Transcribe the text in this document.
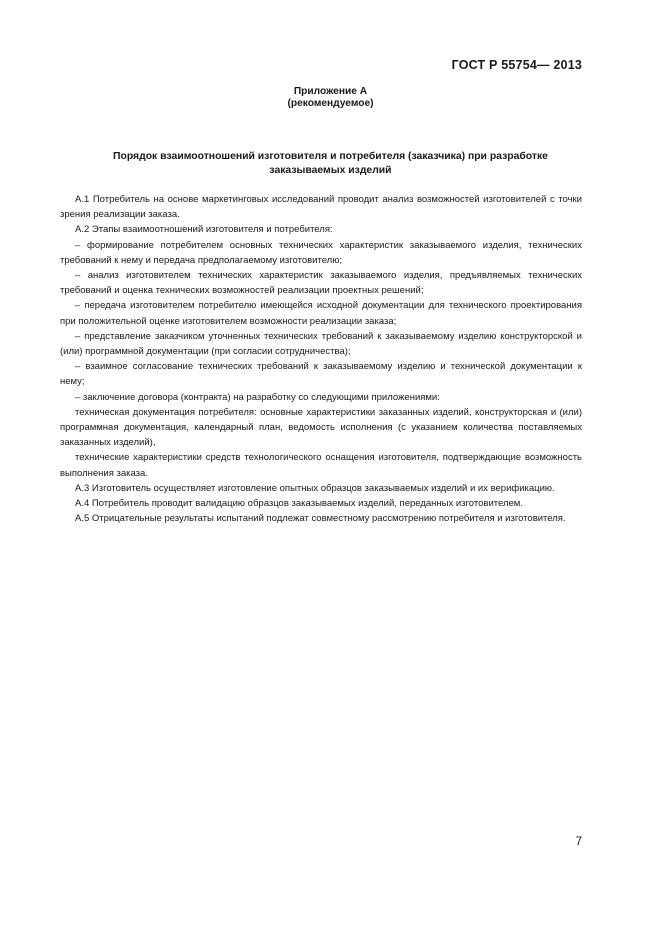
ГОСТ Р 55754— 2013
Приложение А
(рекомендуемое)
Порядок взаимоотношений изготовителя и потребителя (заказчика) при разработке
заказываемых изделий

А.1 Потребитель на основе маркетинговых исследований проводит анализ возможностей изготовителей с точки зрения реализации заказа.

А.2 Этапы взаимоотношений изготовителя и потребителя:

– формирование потребителем основных технических характеристик заказываемого изделия, технических требований к нему и передача предполагаемому изготовителю;

– анализ изготовителем технических характеристик заказываемого изделия, предъявляемых технических требований и оценка технических возможностей реализации проектных решений;

– передача изготовителем потребителю имеющейся исходной документации для технического проектирования при положительной оценке изготовителем возможности реализации заказа;

– представление заказчиком уточненных технических требований к заказываемому изделию конструкторской и (или) программной документации (при согласии сотрудничества);

– взаимное согласование технических требований к заказываемому изделию и технической документации к нему;

– заключение договора (контракта) на разработку со следующими приложениями:

техническая документация потребителя: основные характеристики заказанных изделий, конструкторская и (или) программная документация, календарный план, ведомость исполнения (с указанием количества поставляемых заказанных изделий),

технические характеристики средств технологического оснащения изготовителя, подтверждающие возможность выполнения заказа.

А.3 Изготовитель осуществляет изготовление опытных образцов заказываемых изделий и их верификацию.

А.4 Потребитель проводит валидацию образцов заказываемых изделий, переданных изготовителем.

А.5 Отрицательные результаты испытаний подлежат совместному рассмотрению потребителя и изготовителя.

7
